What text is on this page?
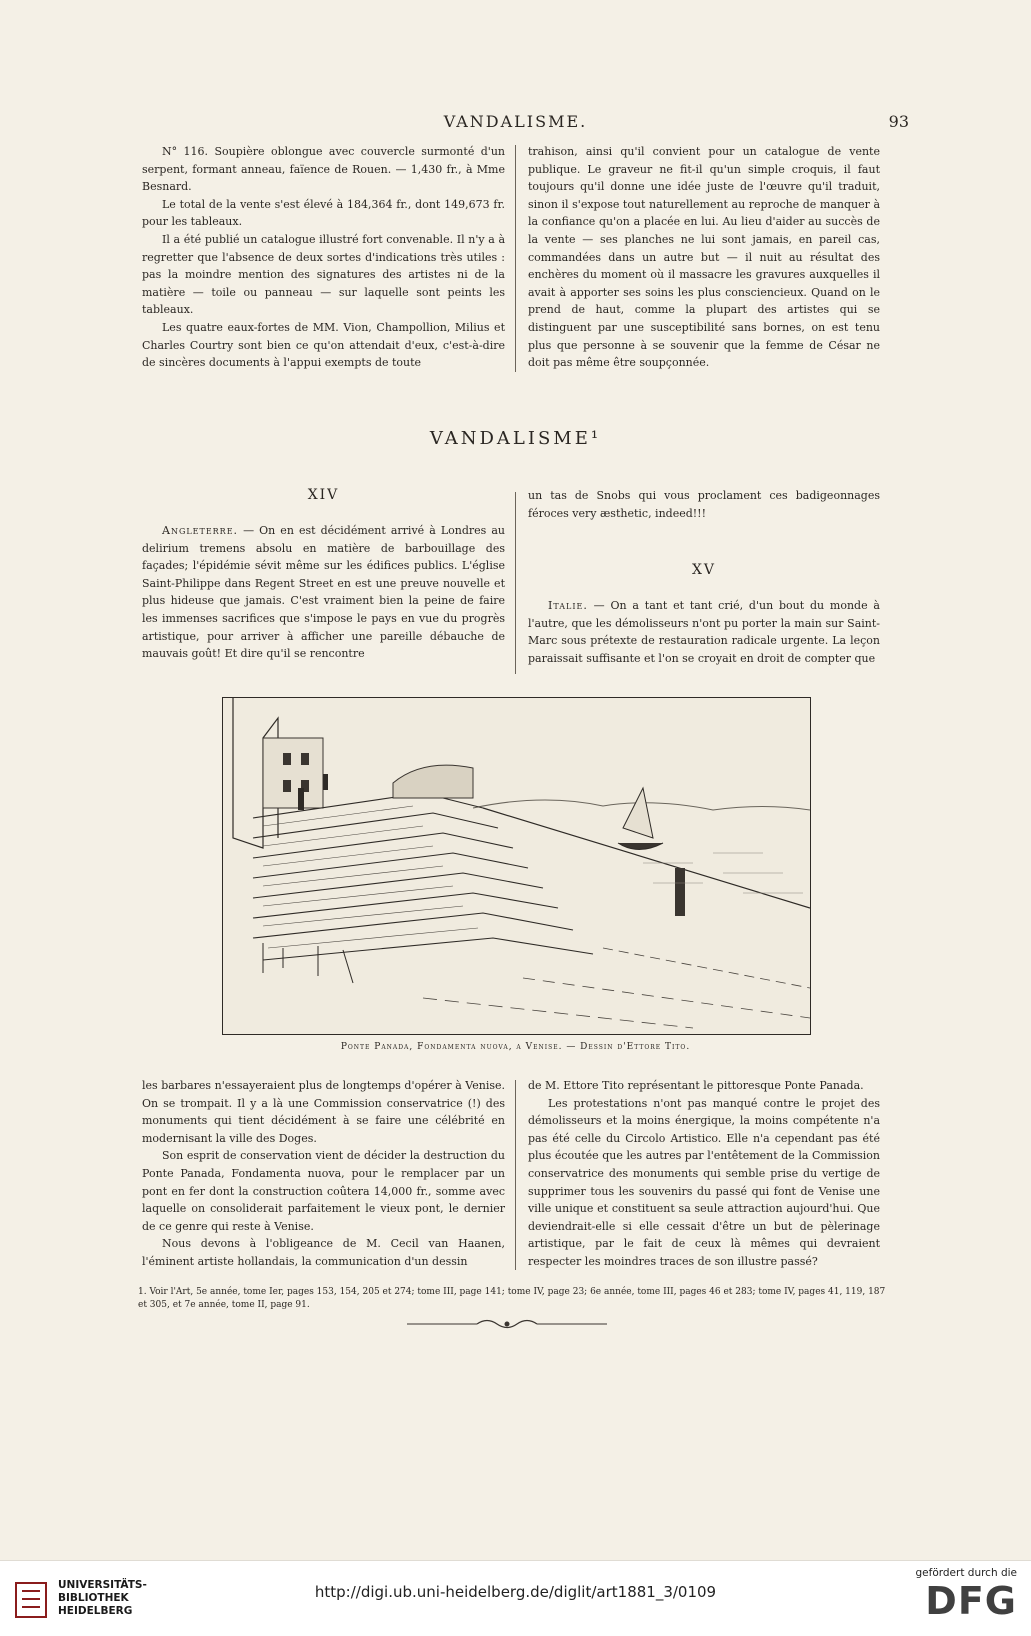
VANDALISME.	93

N° 116. Soupière oblongue avec couvercle surmonté d'un serpent, formant anneau, faïence de Rouen. — 1,430 fr., à Mme Besnard.

Le total de la vente s'est élevé à 184,364 fr., dont 149,673 fr. pour les tableaux.

Il a été publié un catalogue illustré fort convenable. Il n'y a à regretter que l'absence de deux sortes d'indications très utiles : pas la moindre mention des signatures des artistes ni de la matière — toile ou panneau — sur laquelle sont peints les tableaux.

Les quatre eaux-fortes de MM. Vion, Champollion, Milius et Charles Courtry sont bien ce qu'on attendait d'eux, c'est-à-dire de sincères documents à l'appui exempts de toute

trahison, ainsi qu'il convient pour un catalogue de vente publique. Le graveur ne fit-il qu'un simple croquis, il faut toujours qu'il donne une idée juste de l'œuvre qu'il traduit, sinon il s'expose tout naturellement au reproche de manquer à la confiance qu'on a placée en lui. Au lieu d'aider au succès de la vente — ses planches ne lui sont jamais, en pareil cas, commandées dans un autre but — il nuit au résultat des enchères du moment où il massacre les gravures auxquelles il avait à apporter ses soins les plus consciencieux. Quand on le prend de haut, comme la plupart des artistes qui se distinguent par une susceptibilité sans bornes, on est tenu plus que personne à se souvenir que la femme de César ne doit pas même être soupçonnée.

VANDALISME¹
XIV

Angleterre. — On en est décidément arrivé à Londres au delirium tremens absolu en matière de barbouillage des façades; l'épidémie sévit même sur les édifices publics. L'église Saint-Philippe dans Regent Street en est une preuve nouvelle et plus hideuse que jamais. C'est vraiment bien la peine de faire les immenses sacrifices que s'impose le pays en vue du progrès artistique, pour arriver à afficher une pareille débauche de mauvais goût! Et dire qu'il se rencontre

un tas de Snobs qui vous proclament ces badigeonnages féroces very æsthetic, indeed!!!

XV

Italie. — On a tant et tant crié, d'un bout du monde à l'autre, que les démolisseurs n'ont pu porter la main sur Saint-Marc sous prétexte de restauration radicale urgente. La leçon paraissait suffisante et l'on se croyait en droit de compter que

Ponte Panada, Fondamenta nuova, a Venise. — Dessin d'Ettore Tito.

les barbares n'essayeraient plus de longtemps d'opérer à Venise. On se trompait. Il y a là une Commission conservatrice (!) des monuments qui tient décidément à se faire une célébrité en modernisant la ville des Doges.

Son esprit de conservation vient de décider la destruction du Ponte Panada, Fondamenta nuova, pour le remplacer par un pont en fer dont la construction coûtera 14,000 fr., somme avec laquelle on consoliderait parfaitement le vieux pont, le dernier de ce genre qui reste à Venise.

Nous devons à l'obligeance de M. Cecil van Haanen, l'éminent artiste hollandais, la communication d'un dessin

de M. Ettore Tito représentant le pittoresque Ponte Panada.

Les protestations n'ont pas manqué contre le projet des démolisseurs et la moins énergique, la moins compétente n'a pas été celle du Circolo Artistico. Elle n'a cependant pas été plus écoutée que les autres par l'entêtement de la Commission conservatrice des monuments qui semble prise du vertige de supprimer tous les souvenirs du passé qui font de Venise une ville unique et constituent sa seule attraction aujourd'hui. Que deviendrait-elle si elle cessait d'être un but de pèlerinage artistique, par le fait de ceux là mêmes qui devraient respecter les moindres traces de son illustre passé?

1. Voir l'Art, 5e année, tome Ier, pages 153, 154, 205 et 274; tome III, page 141; tome IV, page 23; 6e année, tome III, pages 46 et 283; tome IV, pages 41, 119, 187 et 305, et 7e année, tome II, page 91.
UNIVERSITÄTS-
BIBLIOTHEK
HEIDELBERG
http://digi.ub.uni-heidelberg.de/diglit/art1881_3/0109
gefördert durch die
DFG
